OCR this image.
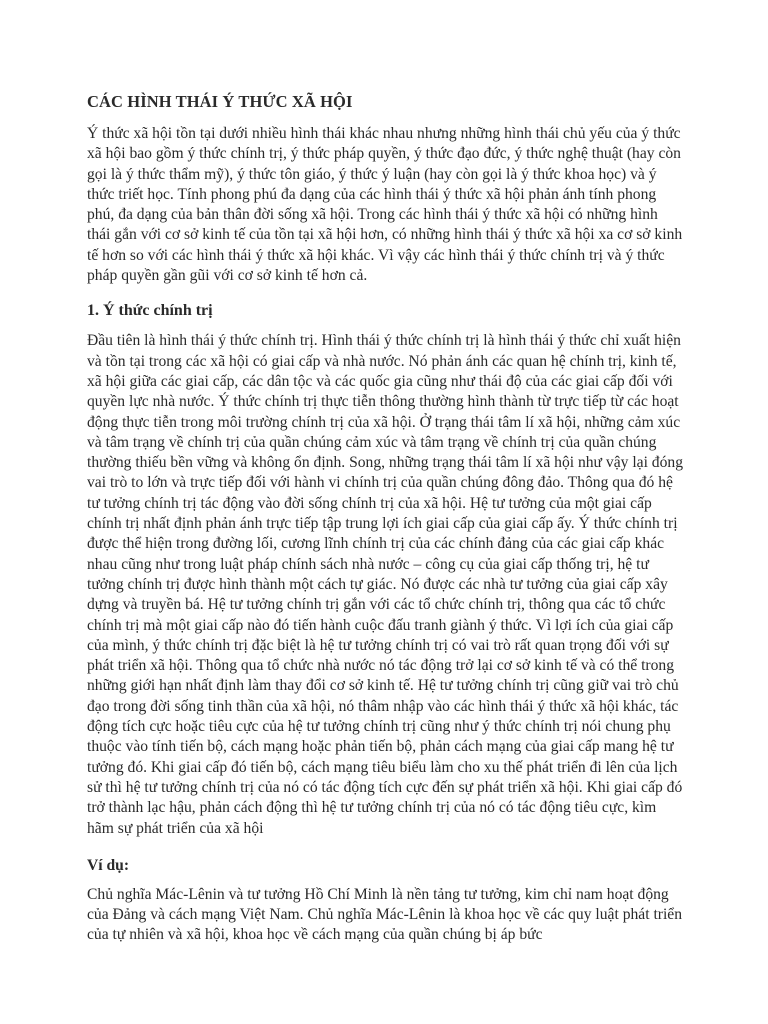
CÁC HÌNH THÁI Ý THỨC XÃ HỘI

Ý thức xã hội tồn tại dưới nhiều hình thái khác nhau nhưng những hình thái chủ yếu của ý thức xã hội bao gồm ý thức chính trị, ý thức pháp quyền, ý thức đạo đức, ý thức nghệ thuật (hay còn gọi là ý thức thẩm mỹ), ý thức tôn giáo, ý thức ý luận (hay còn gọi là ý thức khoa học) và ý thức triết học. Tính phong phú đa dạng của các hình thái ý thức xã hội phản ánh tính phong phú, đa dạng của bản thân đời sống xã hội. Trong các hình thái ý thức xã hội có những hình thái gắn với cơ sở kinh tế của tồn tại xã hội hơn, có những hình thái ý thức xã hội xa cơ sở kinh tế hơn so với các hình thái ý thức xã hội khác. Vì vậy các hình thái ý thức chính trị và ý thức pháp quyền gần gũi với cơ sở kinh tế hơn cả.

1. Ý thức chính trị

Đầu tiên là hình thái ý thức chính trị. Hình thái ý thức chính trị là hình thái ý thức chỉ xuất hiện và tồn tại trong các xã hội có giai cấp và nhà nước. Nó phản ánh các quan hệ chính trị, kinh tế, xã hội giữa các giai cấp, các dân tộc và các quốc gia cũng như thái độ của các giai cấp đối với quyền lực nhà nước. Ý thức chính trị thực tiễn thông thường hình thành từ trực tiếp từ các hoạt động thực tiễn trong môi trường chính trị của xã hội. Ở trạng thái tâm lí xã hội, những cảm xúc và tâm trạng về chính trị của quần chúng cảm xúc và tâm trạng về chính trị của quần chúng thường thiếu bền vững và không ổn định. Song, những trạng thái tâm lí xã hội như vậy lại đóng vai trò to lớn và trực tiếp đối với hành vi chính trị của quần chúng đông đảo. Thông qua đó hệ tư tưởng chính trị tác động vào đời sống chính trị của xã hội. Hệ tư tưởng của một giai cấp chính trị nhất định phản ánh trực tiếp tập trung lợi ích giai cấp của giai cấp ấy. Ý thức chính trị được thể hiện trong đường lối, cương lĩnh chính trị của các chính đảng của các giai cấp khác nhau cũng như trong luật pháp chính sách nhà nước – công cụ của giai cấp thống trị, hệ tư tưởng chính trị được hình thành một cách tự giác. Nó được các nhà tư tưởng của giai cấp xây dựng và truyền bá. Hệ tư tưởng chính trị gắn với các tổ chức chính trị, thông qua các tổ chức chính trị mà một giai cấp nào đó tiến hành cuộc đấu tranh giành ý thức. Vì lợi ích của giai cấp của mình, ý thức chính trị đặc biệt là hệ tư tưởng chính trị có vai trò rất quan trọng đối với sự phát triển xã hội. Thông qua tổ chức nhà nước nó tác động trở lại cơ sở kinh tế và có thể trong những giới hạn nhất định làm thay đổi cơ sở kinh tế. Hệ tư tưởng chính trị cũng giữ vai trò chủ đạo trong đời sống tinh thần của xã hội, nó thâm nhập vào các hình thái ý thức xã hội khác, tác động tích cực hoặc tiêu cực của hệ tư tưởng chính trị cũng như ý thức chính trị nói chung phụ thuộc vào tính tiến bộ, cách mạng hoặc phản tiến bộ, phản cách mạng của giai cấp mang hệ tư tưởng đó. Khi giai cấp đó tiến bộ, cách mạng tiêu biểu làm cho xu thế phát triển đi lên của lịch sử thì hệ tư tưởng chính trị của nó có tác động tích cực đến sự phát triển xã hội. Khi giai cấp đó trở thành lạc hậu, phản cách động thì hệ tư tưởng chính trị của nó có tác động tiêu cực, kìm hãm sự phát triển của xã hội

Ví dụ:

Chủ nghĩa Mác-Lênin và tư tưởng Hồ Chí Minh là nền tảng tư tưởng, kim chỉ nam hoạt động của Đảng và cách mạng Việt Nam. Chủ nghĩa Mác-Lênin là khoa học về các quy luật phát triển của tự nhiên và xã hội, khoa học về cách mạng của quần chúng bị áp bức
